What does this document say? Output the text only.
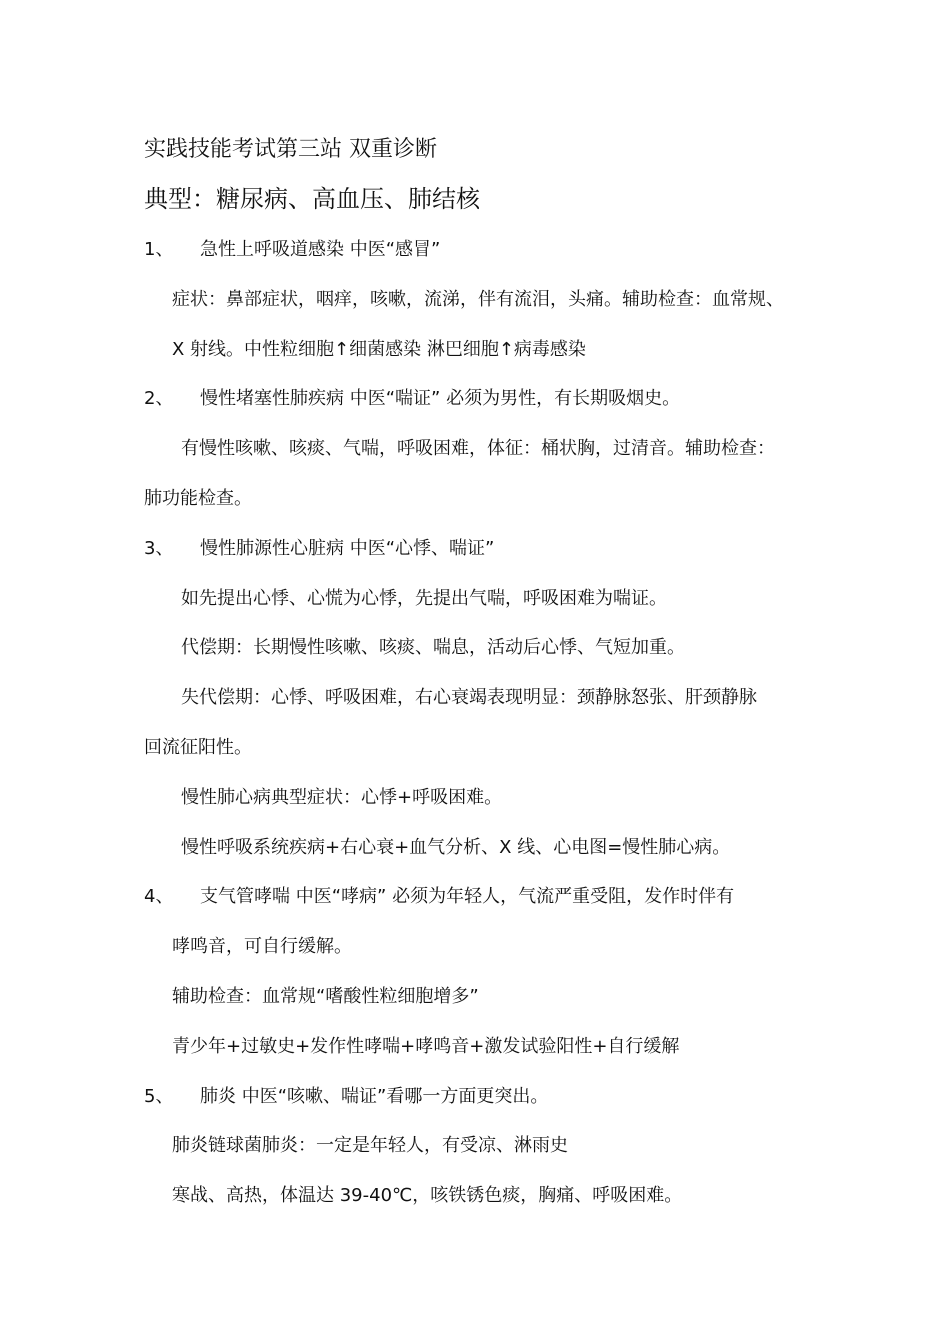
实践技能考试第三站 双重诊断
典型：糖尿病、高血压、肺结核
1、 急性上呼吸道感染 中医“感冒”
症状：鼻部症状，咽痒，咳嗽，流涕，伴有流泪，头痛。辅助检查：血常规、
X 射线。中性粒细胞↑细菌感染 淋巴细胞↑病毒感染
2、 慢性堵塞性肺疾病 中医“喘证” 必须为男性，有长期吸烟史。
有慢性咳嗽、咳痰、气喘，呼吸困难，体征：桶状胸，过清音。辅助检查：
肺功能检查。
3、 慢性肺源性心脏病 中医“心悸、喘证”
如先提出心悸、心慌为心悸，先提出气喘，呼吸困难为喘证。
代偿期：长期慢性咳嗽、咳痰、喘息，活动后心悸、气短加重。
失代偿期：心悸、呼吸困难，右心衰竭表现明显：颈静脉怒张、肝颈静脉
回流征阳性。
慢性肺心病典型症状：心悸+呼吸困难。
慢性呼吸系统疾病+右心衰+血气分析、X 线、心电图=慢性肺心病。
4、 支气管哮喘 中医“哮病” 必须为年轻人，气流严重受阻，发作时伴有
哮鸣音，可自行缓解。
辅助检查：血常规“嗜酸性粒细胞增多”
青少年+过敏史+发作性哮喘+哮鸣音+激发试验阳性+自行缓解
5、 肺炎 中医“咳嗽、喘证”看哪一方面更突出。
肺炎链球菌肺炎：一定是年轻人，有受凉、淋雨史
寒战、高热，体温达 39-40℃，咳铁锈色痰，胸痛、呼吸困难。
